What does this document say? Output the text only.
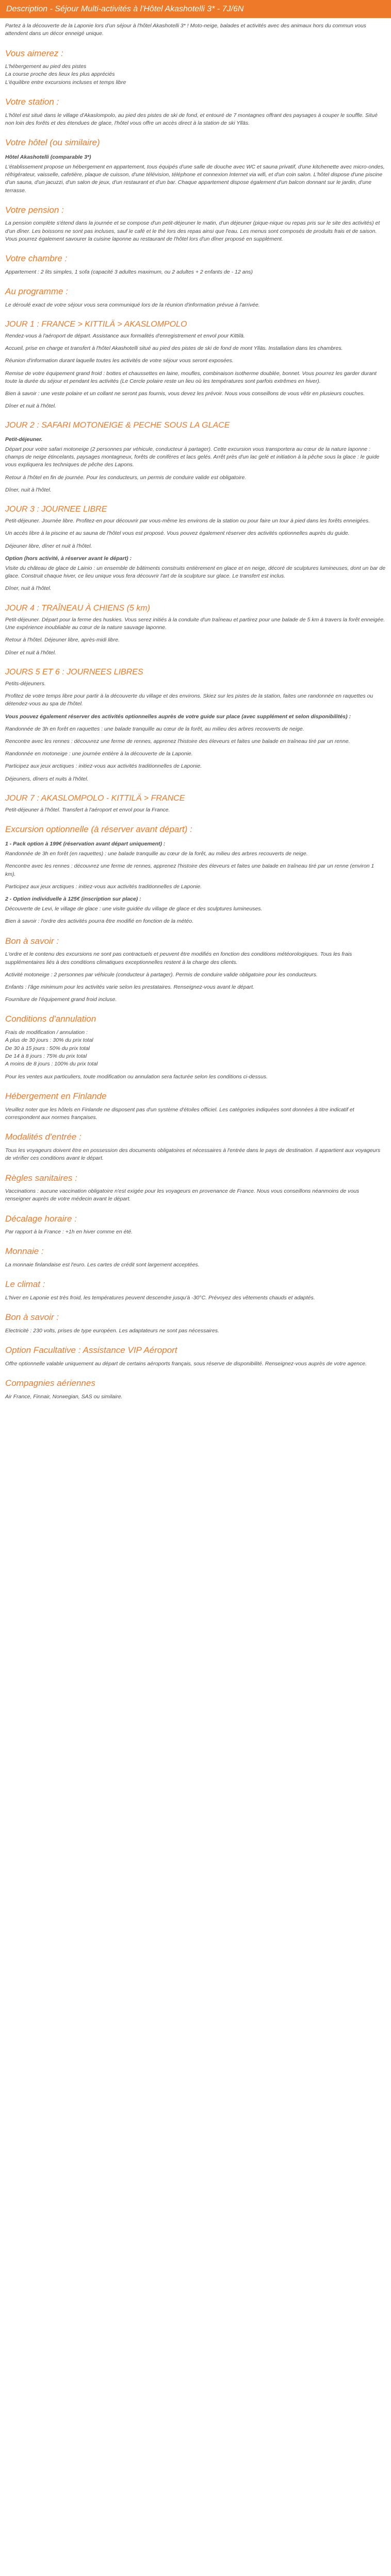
Description - Séjour Multi-activités à l'Hôtel Akashotelli 3* - 7J/6N

Partez à la découverte de la Laponie lors d'un séjour à l'hôtel Akashotelli 3* ! Moto-neige, balades et activités avec des animaux hors du commun vous attendent dans un décor enneigé unique.

Vous aimerez :
L'hébergement au pied des pistes
La course proche des lieux les plus appréciés
L'équilibre entre excursions incluses et temps libre
Votre station :

L'hôtel est situé dans le village d'Akaslompolo, au pied des pistes de ski de fond, et entouré de 7 montagnes offrant des paysages à couper le souffle. Situé non loin des forêts et des étendues de glace, l'hôtel vous offre un accès direct à la station de ski Ylläs.

Votre hôtel (ou similaire)
Hôtel Akashotelli (comparable 3*)

L'établissement propose un hébergement en appartement, tous équipés d'une salle de douche avec WC et sauna privatif, d'une kitchenette avec micro-ondes, réfrigérateur, vaisselle, cafetière, plaque de cuisson, d'une télévision, téléphone et connexion Internet via wifi, et d'un coin salon. L'hôtel dispose d'une piscine d'un sauna, d'un jacuzzi, d'un salon de jeux, d'un restaurant et d'un bar. Chaque appartement dispose également d'un balcon donnant sur le jardin, d'une terrasse.

Votre pension :

La pension complète s'étend dans la journée et se compose d'un petit-déjeuner le matin, d'un déjeuner (pique-nique ou repas pris sur le site des activités) et d'un dîner. Les boissons ne sont pas incluses, sauf le café et le thé lors des repas ainsi que l'eau. Les menus sont composés de produits frais et de saison. Vous pourrez également savourer la cuisine laponne au restaurant de l'hôtel lors d'un dîner proposé en supplément.

Votre chambre :

Appartement : 2 lits simples, 1 sofa (capacité 3 adultes maximum, ou 2 adultes + 2 enfants de - 12 ans)

Au programme :

Le déroulé exact de votre séjour vous sera communiqué lors de la réunion d'information prévue à l'arrivée.

JOUR 1 : FRANCE > KITTILÄ > AKASLOMPOLO

Rendez-vous à l'aéroport de départ. Assistance aux formalités d'enregistrement et envol pour Kittilä.

Accueil, prise en charge et transfert à l'hôtel Akashotelli situé au pied des pistes de ski de fond de mont Ylläs. Installation dans les chambres.

Réunion d'information durant laquelle toutes les activités de votre séjour vous seront exposées.

Remise de votre équipement grand froid : bottes et chaussettes en laine, moufles, combinaison isotherme doublée, bonnet. Vous pourrez les garder durant toute la durée du séjour et pendant les activités (Le Cercle polaire reste un lieu où les températures sont parfois extrêmes en hiver).

Bien à savoir : une veste polaire et un collant ne seront pas fournis, vous devez les prévoir. Nous vous conseillons de vous vêtir en plusieurs couches.

Dîner et nuit à l'hôtel.

JOUR 2 : SAFARI MOTONEIGE & PECHE SOUS LA GLACE
Petit-déjeuner.

Départ pour votre safari motoneige (2 personnes par véhicule, conducteur à partager). Cette excursion vous transportera au cœur de la nature laponne : champs de neige étincelants, paysages montagneux, forêts de conifères et lacs gelés. Arrêt près d'un lac gelé et initiation à la pêche sous la glace : le guide vous expliquera les techniques de pêche des Lapons.

Retour à l'hôtel en fin de journée. Pour les conducteurs, un permis de conduire valide est obligatoire.

Dîner, nuit à l'hôtel.

JOUR 3 : JOURNEE LIBRE

Petit-déjeuner. Journée libre. Profitez-en pour découvrir par vous-même les environs de la station ou pour faire un tour à pied dans les forêts enneigées.

Un accès libre à la piscine et au sauna de l'hôtel vous est proposé. Vous pouvez également réserver des activités optionnelles auprès du guide.

Déjeuner libre, dîner et nuit à l'hôtel.

Option (hors activité, à réserver avant le départ) :

Visite du château de glace de Lainio : un ensemble de bâtiments construits entièrement en glace et en neige, décoré de sculptures lumineuses, dont un bar de glace. Construit chaque hiver, ce lieu unique vous fera découvrir l'art de la sculpture sur glace. Le transfert est inclus.

Dîner, nuit à l'hôtel.

JOUR 4 : TRAÎNEAU À CHIENS (5 km)

Petit-déjeuner. Départ pour la ferme des huskies. Vous serez initiés à la conduite d'un traîneau et partirez pour une balade de 5 km à travers la forêt enneigée. Une expérience inoubliable au cœur de la nature sauvage laponne.

Retour à l'hôtel. Déjeuner libre, après-midi libre.

Dîner et nuit à l'hôtel.

JOURS 5 ET 6 : JOURNEES LIBRES

Petits-déjeuners.

Profitez de votre temps libre pour partir à la découverte du village et des environs. Skiez sur les pistes de la station, faites une randonnée en raquettes ou détendez-vous au spa de l'hôtel.

Vous pouvez également réserver des activités optionnelles auprès de votre guide sur place (avec supplément et selon disponibilités) :

Randonnée de 3h en forêt en raquettes : une balade tranquille au cœur de la forêt, au milieu des arbres recouverts de neige.

Rencontre avec les rennes : découvrez une ferme de rennes, apprenez l'histoire des éleveurs et faites une balade en traîneau tiré par un renne.

Randonnée en motoneige : une journée entière à la découverte de la Laponie.

Participez aux jeux arctiques : initiez-vous aux activités traditionnelles de Laponie.

Déjeuners, dîners et nuits à l'hôtel.

JOUR 7 : AKASLOMPOLO - KITTILÄ > FRANCE

Petit-déjeuner à l'hôtel. Transfert à l'aéroport et envol pour la France.

Excursion optionnelle (à réserver avant départ) :
1 - Pack option à 199€ (réservation avant départ uniquement) :

Randonnée de 3h en forêt (en raquettes) : une balade tranquille au cœur de la forêt, au milieu des arbres recouverts de neige.

Rencontre avec les rennes : découvrez une ferme de rennes, apprenez l'histoire des éleveurs et faites une balade en traîneau tiré par un renne (environ 1 km).

Participez aux jeux arctiques : initiez-vous aux activités traditionnelles de Laponie.

2 - Option individuelle à 125€ (inscription sur place) :

Découverte de Levi, le village de glace : une visite guidée du village de glace et des sculptures lumineuses.

Bien à savoir : l'ordre des activités pourra être modifié en fonction de la météo.

Bon à savoir :

L'ordre et le contenu des excursions ne sont pas contractuels et peuvent être modifiés en fonction des conditions météorologiques. Tous les frais supplémentaires liés à des conditions climatiques exceptionnelles restent à la charge des clients.

Activité motoneige : 2 personnes par véhicule (conducteur à partager). Permis de conduire valide obligatoire pour les conducteurs.

Enfants : l'âge minimum pour les activités varie selon les prestataires. Renseignez-vous avant le départ.

Fourniture de l'équipement grand froid incluse.

Conditions d'annulation
Frais de modification / annulation :
A plus de 30 jours : 30% du prix total
De 30 à 15 jours : 50% du prix total
De 14 à 8 jours : 75% du prix total
A moins de 8 jours : 100% du prix total

Pour les ventes aux particuliers, toute modification ou annulation sera facturée selon les conditions ci-dessus.

Hébergement en Finlande

Veuillez noter que les hôtels en Finlande ne disposent pas d'un système d'étoiles officiel. Les catégories indiquées sont données à titre indicatif et correspondent aux normes françaises.

Modalités d'entrée :

Tous les voyageurs doivent être en possession des documents obligatoires et nécessaires à l'entrée dans le pays de destination. Il appartient aux voyageurs de vérifier ces conditions avant le départ.

Règles sanitaires :

Vaccinations : aucune vaccination obligatoire n'est exigée pour les voyageurs en provenance de France. Nous vous conseillons néanmoins de vous renseigner auprès de votre médecin avant le départ.

Décalage horaire :

Par rapport à la France : +1h en hiver comme en été.

Monnaie :

La monnaie finlandaise est l'euro. Les cartes de crédit sont largement acceptées.

Le climat :

L'hiver en Laponie est très froid, les températures peuvent descendre jusqu'à -30°C. Prévoyez des vêtements chauds et adaptés.

Bon à savoir :

Electricité : 230 volts, prises de type européen. Les adaptateurs ne sont pas nécessaires.

Option Facultative : Assistance VIP Aéroport

Offre optionnelle valable uniquement au départ de certains aéroports français, sous réserve de disponibilité. Renseignez-vous auprès de votre agence.

Compagnies aériennes

Air France, Finnair, Norwegian, SAS ou similaire.
